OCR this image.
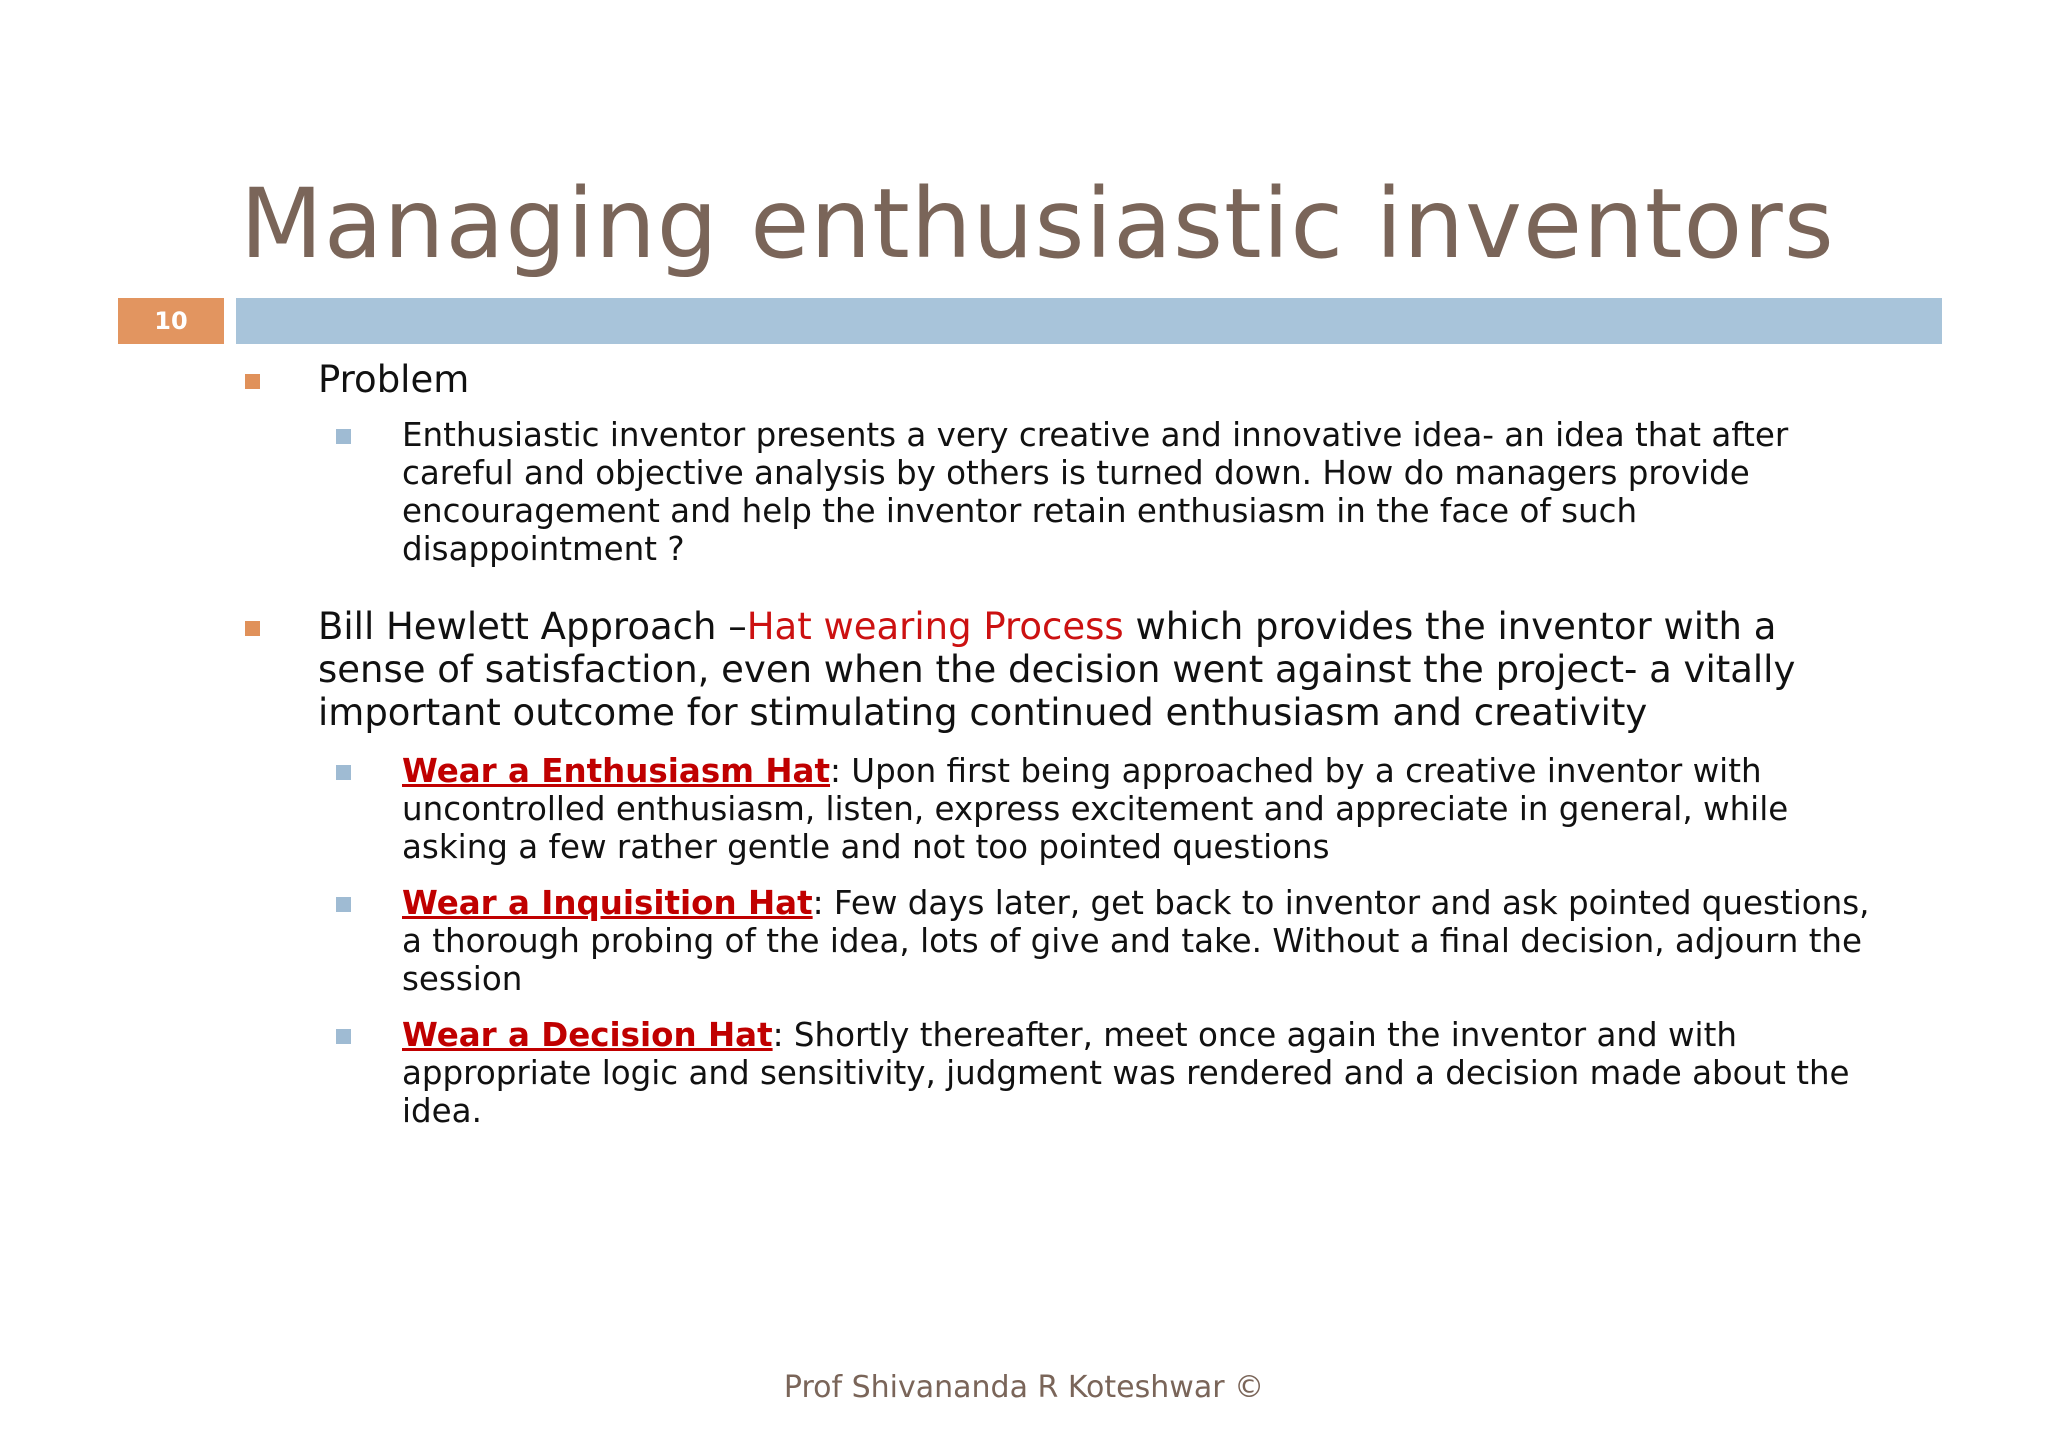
Managing enthusiastic inventors
10
Problem
Enthusiastic inventor presents a very creative and innovative idea- an idea that after careful and objective analysis by others is turned down. How do managers provide encouragement and help the inventor retain enthusiasm in the face of such disappointment ?
Bill Hewlett Approach –Hat wearing Process which provides the inventor with a sense of satisfaction, even when the decision went against the project- a vitally important outcome for stimulating continued enthusiasm and creativity
Wear a Enthusiasm Hat: Upon first being approached by a creative inventor with uncontrolled enthusiasm, listen, express excitement and appreciate in general, while asking a few rather gentle and not too pointed questions
Wear a Inquisition Hat: Few days later, get back to inventor and ask pointed questions, a thorough probing of the idea, lots of give and take. Without a final decision, adjourn the session
Wear a Decision Hat: Shortly thereafter, meet once again the inventor and with appropriate logic and sensitivity, judgment was rendered and a decision made about the idea.
Prof Shivananda R Koteshwar ©
